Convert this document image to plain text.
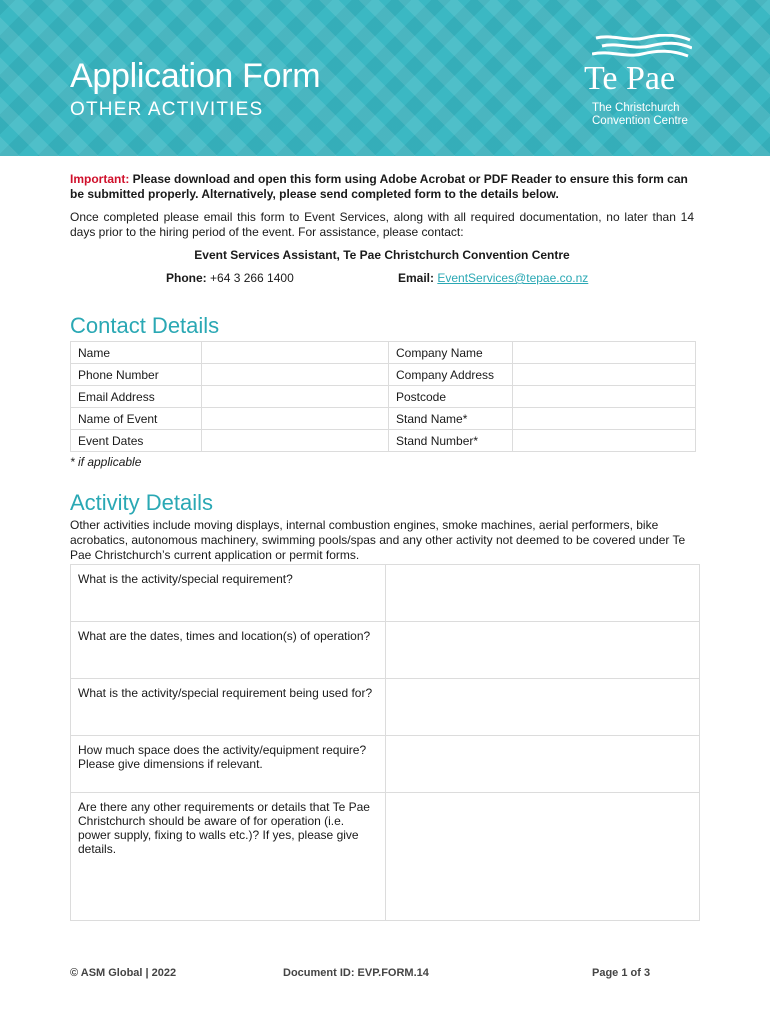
Application Form
OTHER ACTIVITIES
Te Pae
The Christchurch
Convention Centre
Important: Please download and open this form using Adobe Acrobat or PDF Reader to ensure this form can be submitted properly. Alternatively, please send completed form to the details below.
Once completed please email this form to Event Services, along with all required documentation, no later than 14 days prior to the hiring period of the event. For assistance, please contact:
Event Services Assistant, Te Pae Christchurch Convention Centre
Phone: +64 3 266 1400	Email: EventServices@tepae.co.nz
Contact Details
Name		Company Name	
Phone Number		Company Address	
Email Address		Postcode	
Name of Event		Stand Name*	
Event Dates		Stand Number*	
* if applicable
Activity Details
Other activities include moving displays, internal combustion engines, smoke machines, aerial performers, bike acrobatics, autonomous machinery, swimming pools/spas and any other activity not deemed to be covered under Te Pae Christchurch’s current application or permit forms.
What is the activity/special requirement?	
What are the dates, times and location(s) of operation?	
What is the activity/special requirement being used for?	
How much space does the activity/equipment require? Please give dimensions if relevant.	
Are there any other requirements or details that Te Pae Christchurch should be aware of for operation (i.e. power supply, fixing to walls etc.)? If yes, please give details.	
© ASM Global | 2022	Document ID: EVP.FORM.14	Page 1 of 3
